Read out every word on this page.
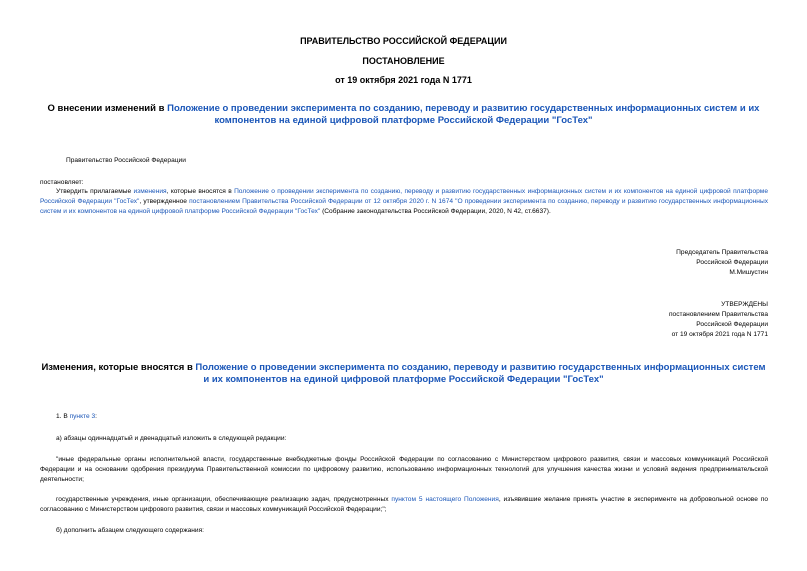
ПРАВИТЕЛЬСТВО РОССИЙСКОЙ ФЕДЕРАЦИИ
ПОСТАНОВЛЕНИЕ
от 19 октября 2021 года N 1771
О внесении изменений в Положение о проведении эксперимента по созданию, переводу и развитию государственных информационных систем и их компонентов на единой цифровой платформе Российской Федерации "ГосТех"
Правительство Российской Федерации
постановляет:
Утвердить прилагаемые изменения, которые вносятся в Положение о проведении эксперимента по созданию, переводу и развитию государственных информационных систем и их компонентов на единой цифровой платформе Российской Федерации "ГосТех", утвержденное постановлением Правительства Российской Федерации от 12 октября 2020 г. N 1674 "О проведении эксперимента по созданию, переводу и развитию государственных информационных систем и их компонентов на единой цифровой платформе Российской Федерации "ГосТех" (Собрание законодательства Российской Федерации, 2020, N 42, ст.6637).
Председатель Правительства
Российской Федерации
М.Мишустин
УТВЕРЖДЕНЫ
постановлением Правительства
Российской Федерации
от 19 октября 2021 года N 1771
Изменения, которые вносятся в Положение о проведении эксперимента по созданию, переводу и развитию государственных информационных систем и их компонентов на единой цифровой платформе Российской Федерации "ГосТех"
1. В пункте 3:
а) абзацы одиннадцатый и двенадцатый изложить в следующей редакции:
"иные федеральные органы исполнительной власти, государственные внебюджетные фонды Российской Федерации по согласованию с Министерством цифрового развития, связи и массовых коммуникаций Российской Федерации и на основании одобрения президиума Правительственной комиссии по цифровому развитию, использованию информационных технологий для улучшения качества жизни и условий ведения предпринимательской деятельности;
государственные учреждения, иные организации, обеспечивающие реализацию задач, предусмотренных пунктом 5 настоящего Положения, изъявившие желание принять участие в эксперименте на добровольной основе по согласованию с Министерством цифрового развития, связи и массовых коммуникаций Российской Федерации;";
б) дополнить абзацем следующего содержания:
